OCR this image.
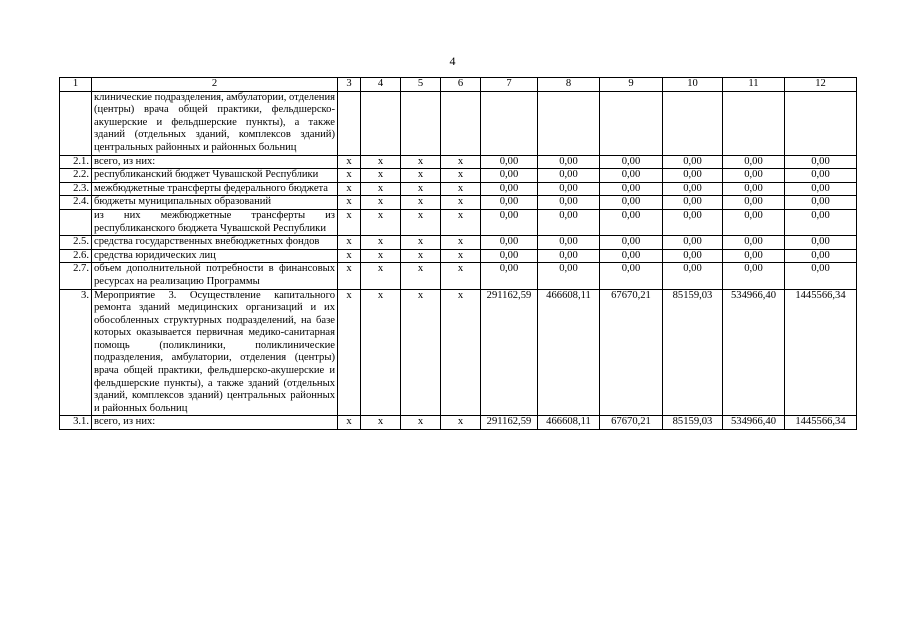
4
1	2	3	4	5	6	7	8	9	10	11	12
	клинические подразделения, амбулатории, отделения (центры) врача общей практики, фельдшерско-акушерские и фельдшерские пункты), а также зданий (отдельных зданий, комплексов зданий) центральных районных и районных больниц										
2.1.	всего, из них:	х	х	х	х	0,00	0,00	0,00	0,00	0,00	0,00
2.2.	республиканский бюджет Чувашской Республики	х	х	х	х	0,00	0,00	0,00	0,00	0,00	0,00
2.3.	межбюджетные трансферты федерального бюджета	х	х	х	х	0,00	0,00	0,00	0,00	0,00	0,00
2.4.	бюджеты муниципальных образований	х	х	х	х	0,00	0,00	0,00	0,00	0,00	0,00
	из них межбюджетные трансферты из республиканского бюджета Чувашской Республики	х	х	х	х	0,00	0,00	0,00	0,00	0,00	0,00
2.5.	средства государственных внебюджетных фондов	х	х	х	х	0,00	0,00	0,00	0,00	0,00	0,00
2.6.	средства юридических лиц	х	х	х	х	0,00	0,00	0,00	0,00	0,00	0,00
2.7.	объем дополнительной потребности в финансовых ресурсах на реализацию Программы	х	х	х	х	0,00	0,00	0,00	0,00	0,00	0,00
3.	Мероприятие 3. Осуществление капитального ремонта зданий медицинских организаций и их обособленных структурных подразделений, на базе которых оказывается первичная медико-санитарная помощь (поликлиники, поликлинические подразделения, амбулатории, отделения (центры) врача общей практики, фельдшерско-акушерские и фельдшерские пункты), а также зданий (отдельных зданий, комплексов зданий) центральных районных и районных больниц	х	х	х	х	291162,59	466608,11	67670,21	85159,03	534966,40	1445566,34
3.1.	всего, из них:	х	х	х	х	291162,59	466608,11	67670,21	85159,03	534966,40	1445566,34
